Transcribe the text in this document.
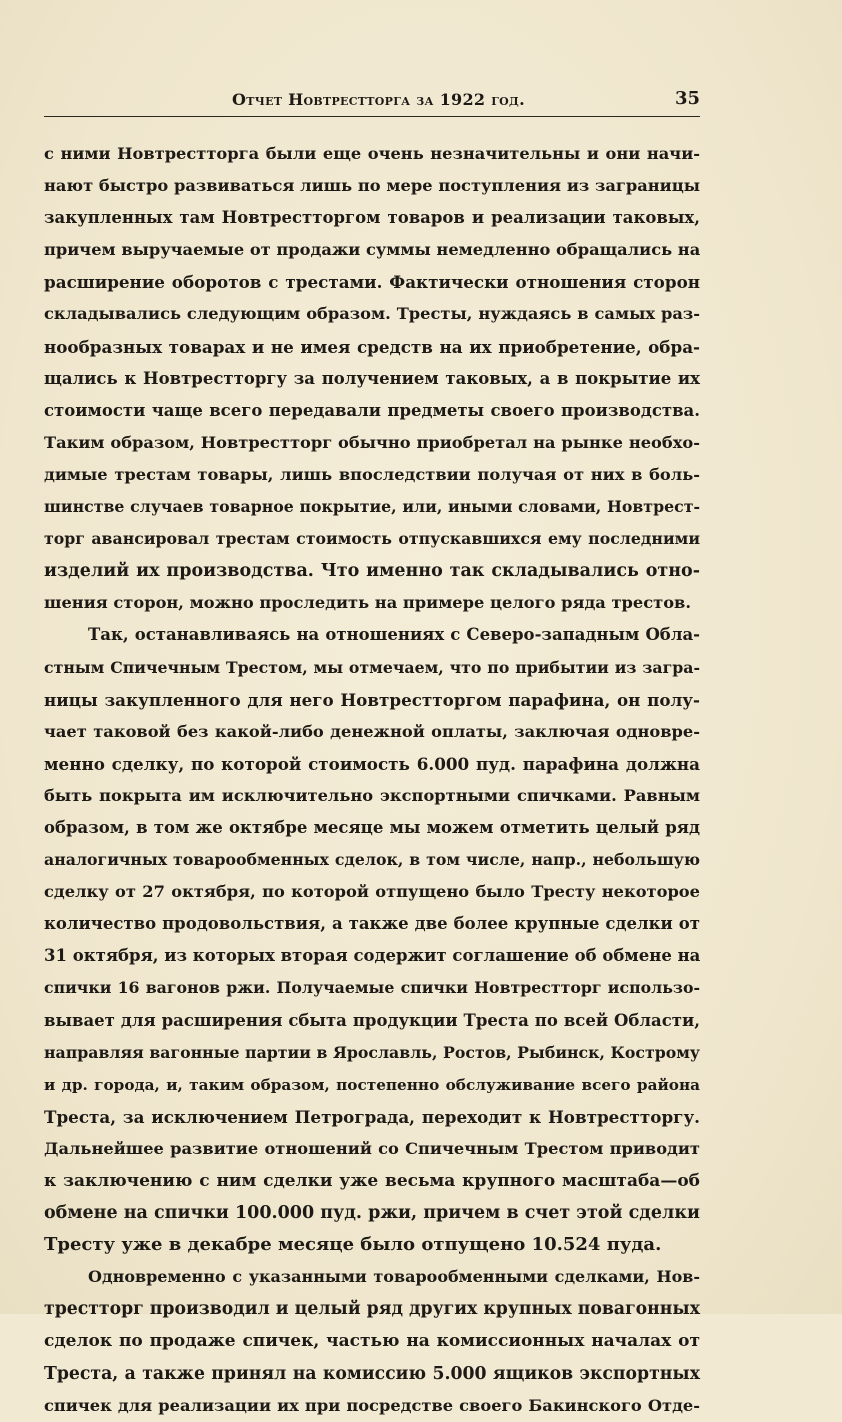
Отчет Новтрестторга за 1922 год.	35
с ними Новтрестторга были еще очень незначительны и они начи-
нают быстро развиваться лишь по мере поступления из заграницы
закупленных там Новтрестторгом товаров и реализации таковых,
причем выручаемые от продажи суммы немедленно обращались на
расширение оборотов с трестами. Фактически отношения сторон
складывались следующим образом. Тресты, нуждаясь в самых раз-
нообразных товарах и не имея средств на их приобретение, обра-
щались к Новтрестторгу за получением таковых, а в покрытие их
стоимости чаще всего передавали предметы своего производства.
Таким образом, Новтрестторг обычно приобретал на рынке необхо-
димые трестам товары, лишь впоследствии получая от них в боль-
шинстве случаев товарное покрытие, или, иными словами, Новтрест-
торг авансировал трестам стоимость отпускавшихся ему последними
изделий их производства. Что именно так складывались отно-
шения сторон, можно проследить на примере целого ряда трестов.
Так, останавливаясь на отношениях с Северо-западным Обла-
стным Спичечным Трестом, мы отмечаем, что по прибытии из загра-
ницы закупленного для него Новтрестторгом парафина, он полу-
чает таковой без какой-либо денежной оплаты, заключая одновре-
менно сделку, по которой стоимость 6.000 пуд. парафина должна
быть покрыта им исключительно экспортными спичками. Равным
образом, в том же октябре месяце мы можем отметить целый ряд
аналогичных товарообменных сделок, в том числе, напр., небольшую
сделку от 27 октября, по которой отпущено было Тресту некоторое
количество продовольствия, а также две более крупные сделки от
31 октября, из которых вторая содержит соглашение об обмене на
спички 16 вагонов ржи. Получаемые спички Новтрестторг использо-
вывает для расширения сбыта продукции Треста по всей Области,
направляя вагонные партии в Ярославль, Ростов, Рыбинск, Кострому
и др. города, и, таким образом, постепенно обслуживание всего района
Треста, за исключением Петрограда, переходит к Новтрестторгу.
Дальнейшее развитие отношений со Спичечным Трестом приводит
к заключению с ним сделки уже весьма крупного масштаба—об
обмене на спички 100.000 пуд. ржи, причем в счет этой сделки
Тресту уже в декабре месяце было отпущено 10.524 пуда.
Одновременно с указанными товарообменными сделками, Нов-
трестторг производил и целый ряд других крупных повагонных
сделок по продаже спичек, частью на комиссионных началах от
Треста, а также принял на комиссию 5.000 ящиков экспортных
спичек для реализации их при посредстве своего Бакинского Отде-
